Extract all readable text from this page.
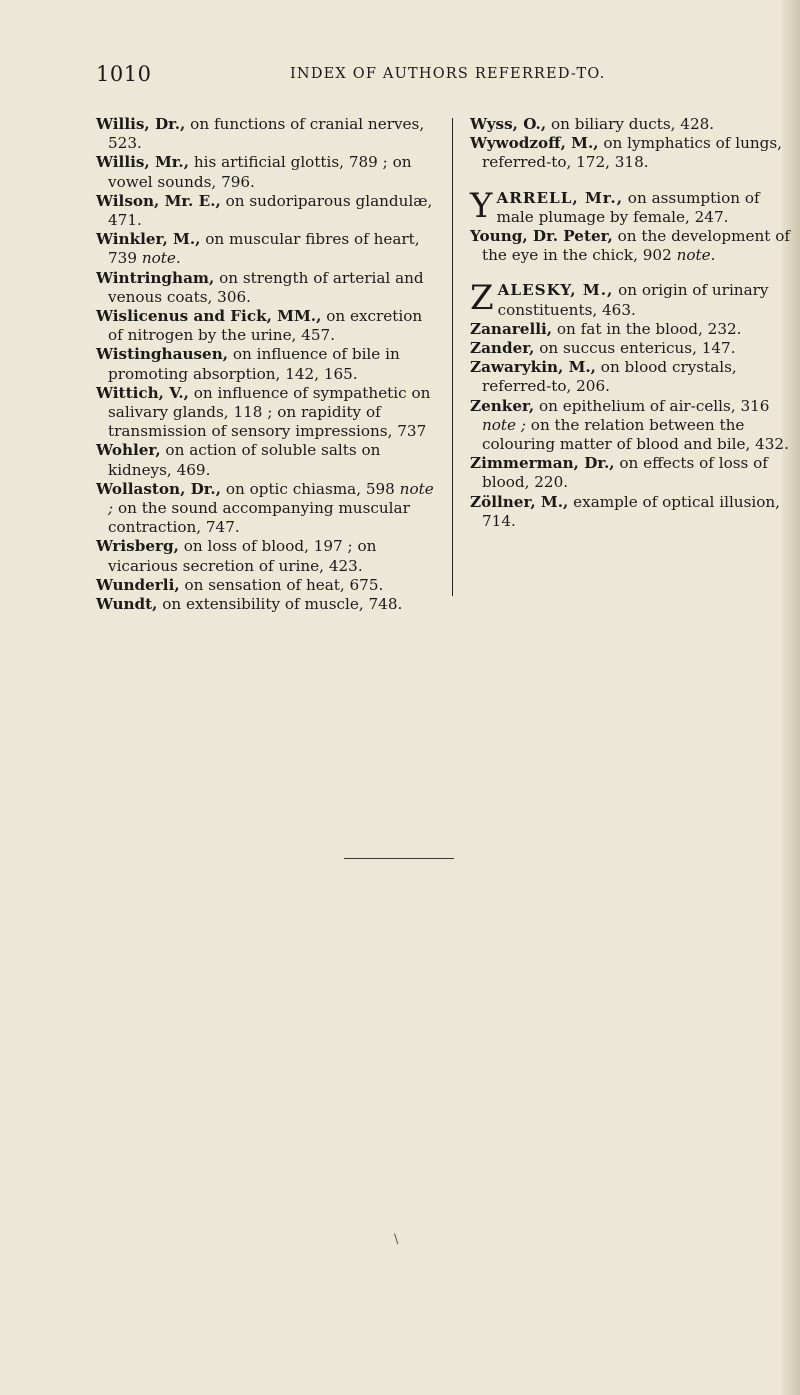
1010	INDEX OF AUTHORS REFERRED-TO.

Willis, Dr., on functions of cranial nerves, 523.

Willis, Mr., his artificial glottis, 789 ; on vowel sounds, 796.

Wilson, Mr. E., on sudoriparous glandulæ, 471.

Winkler, M., on muscular fibres of heart, 739 note.

Wintringham, on strength of arterial and venous coats, 306.

Wislicenus and Fick, MM., on excretion of nitrogen by the urine, 457.

Wistinghausen, on influence of bile in promoting absorption, 142, 165.

Wittich, V., on influence of sympathetic on salivary glands, 118 ; on rapidity of transmission of sensory impressions, 737

Wohler, on action of soluble salts on kidneys, 469.

Wollaston, Dr., on optic chiasma, 598 note ; on the sound accompanying muscular contraction, 747.

Wrisberg, on loss of blood, 197 ; on vicarious secretion of urine, 423.

Wunderli, on sensation of heat, 675.

Wundt, on extensibility of muscle, 748.

Wyss, O., on biliary ducts, 428.

Wywodzoff, M., on lymphatics of lungs, referred-to, 172, 318.

YARRELL, Mr., on assumption of male plumage by female, 247.

Young, Dr. Peter, on the development of the eye in the chick, 902 note.

ZALESKY, M., on origin of urinary constituents, 463.

Zanarelli, on fat in the blood, 232.

Zander, on succus entericus, 147.

Zawarykin, M., on blood crystals, referred-to, 206.

Zenker, on epithelium of air-cells, 316 note ; on the relation between the colouring matter of blood and bile, 432.

Zimmerman, Dr., on effects of loss of blood, 220.

Zöllner, M., example of optical illusion, 714.

\
